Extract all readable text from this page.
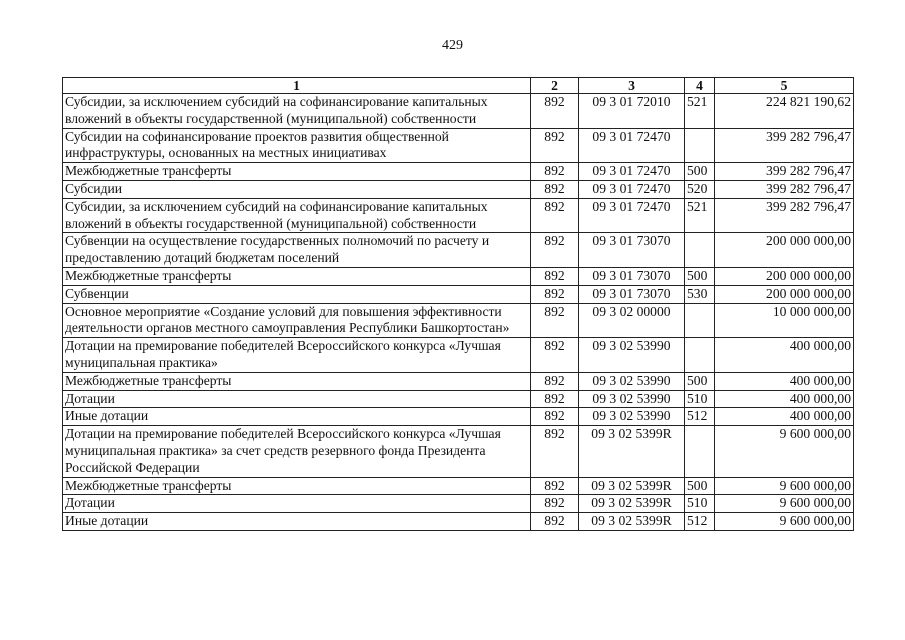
429
1	2	3	4	5
Субсидии, за исключением субсидий на софинансирование капитальных вложений в объекты государственной (муниципальной) собственности	892	09 3 01 72010	521	224 821 190,62
Субсидии на софинансирование проектов развития общественной инфраструктуры, основанных на местных инициативах	892	09 3 01 72470		399 282 796,47
Межбюджетные трансферты	892	09 3 01 72470	500	399 282 796,47
Субсидии	892	09 3 01 72470	520	399 282 796,47
Субсидии, за исключением субсидий на софинансирование капитальных вложений в объекты государственной (муниципальной) собственности	892	09 3 01 72470	521	399 282 796,47
Субвенции на осуществление государственных полномочий по расчету и предоставлению дотаций бюджетам поселений	892	09 3 01 73070		200 000 000,00
Межбюджетные трансферты	892	09 3 01 73070	500	200 000 000,00
Субвенции	892	09 3 01 73070	530	200 000 000,00
Основное мероприятие «Создание условий для повышения эффективности деятельности органов местного самоуправления Республики Башкортостан»	892	09 3 02 00000		10 000 000,00
Дотации на премирование победителей Всероссийского конкурса «Лучшая муниципальная практика»	892	09 3 02 53990		400 000,00
Межбюджетные трансферты	892	09 3 02 53990	500	400 000,00
Дотации	892	09 3 02 53990	510	400 000,00
Иные дотации	892	09 3 02 53990	512	400 000,00
Дотации на премирование победителей Всероссийского конкурса «Лучшая муниципальная практика» за счет средств резервного фонда Президента Российской Федерации	892	09 3 02 5399R		9 600 000,00
Межбюджетные трансферты	892	09 3 02 5399R	500	9 600 000,00
Дотации	892	09 3 02 5399R	510	9 600 000,00
Иные дотации	892	09 3 02 5399R	512	9 600 000,00
